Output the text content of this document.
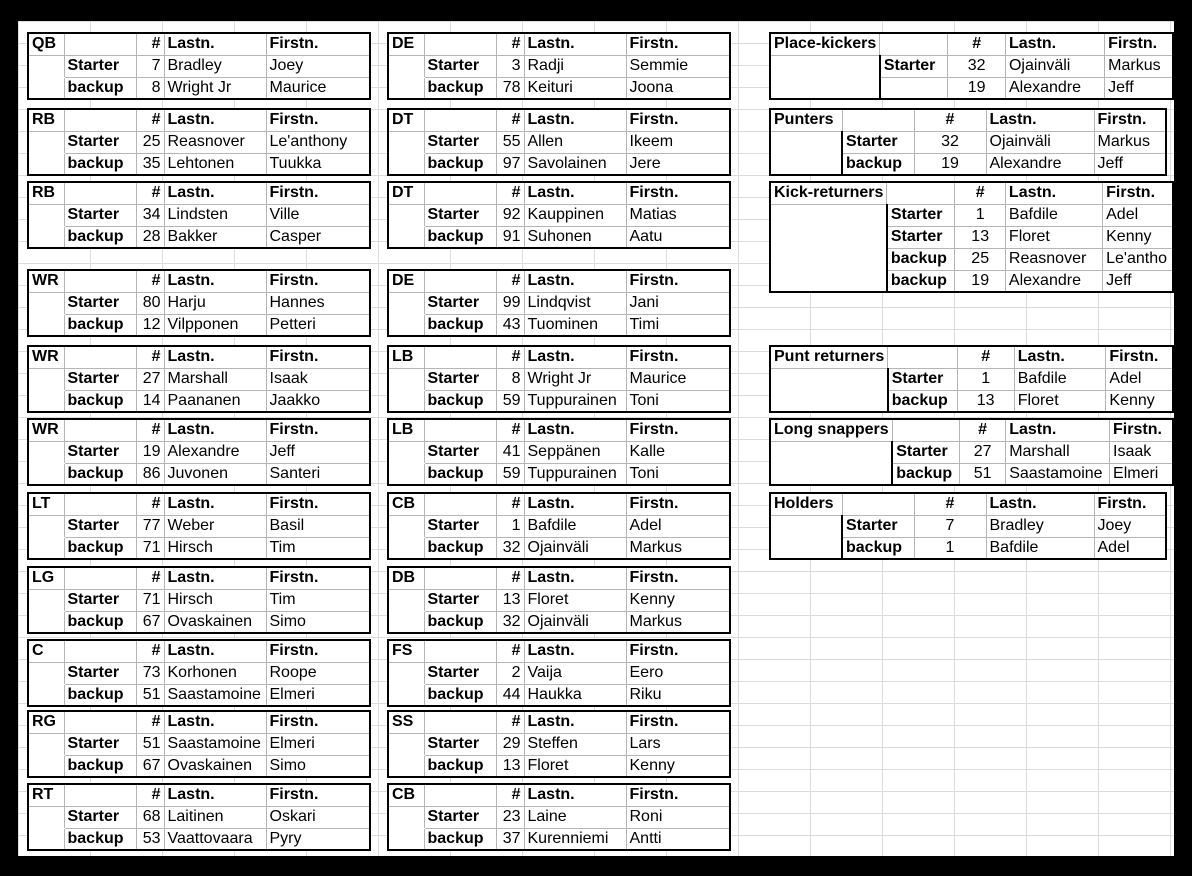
QB		#	Lastn.	Firstn.
	Starter	7	Bradley	Joey
	backup	8	Wright Jr	Maurice
RB		#	Lastn.	Firstn.
	Starter	25	Reasnover	Le'anthony
	backup	35	Lehtonen	Tuukka
RB		#	Lastn.	Firstn.
	Starter	34	Lindsten	Ville
	backup	28	Bakker	Casper
WR		#	Lastn.	Firstn.
	Starter	80	Harju	Hannes
	backup	12	Vilpponen	Petteri
WR		#	Lastn.	Firstn.
	Starter	27	Marshall	Isaak
	backup	14	Paananen	Jaakko
WR		#	Lastn.	Firstn.
	Starter	19	Alexandre	Jeff
	backup	86	Juvonen	Santeri
LT		#	Lastn.	Firstn.
	Starter	77	Weber	Basil
	backup	71	Hirsch	Tim
LG		#	Lastn.	Firstn.
	Starter	71	Hirsch	Tim
	backup	67	Ovaskainen	Simo
C		#	Lastn.	Firstn.
	Starter	73	Korhonen	Roope
	backup	51	Saastamoine	Elmeri
RG		#	Lastn.	Firstn.
	Starter	51	Saastamoine	Elmeri
	backup	67	Ovaskainen	Simo
RT		#	Lastn.	Firstn.
	Starter	68	Laitinen	Oskari
	backup	53	Vaattovaara	Pyry
DE		#	Lastn.	Firstn.
	Starter	3	Radji	Semmie
	backup	78	Keituri	Joona
DT		#	Lastn.	Firstn.
	Starter	55	Allen	Ikeem
	backup	97	Savolainen	Jere
DT		#	Lastn.	Firstn.
	Starter	92	Kauppinen	Matias
	backup	91	Suhonen	Aatu
DE		#	Lastn.	Firstn.
	Starter	99	Lindqvist	Jani
	backup	43	Tuominen	Timi
LB		#	Lastn.	Firstn.
	Starter	8	Wright Jr	Maurice
	backup	59	Tuppurainen	Toni
LB		#	Lastn.	Firstn.
	Starter	41	Seppänen	Kalle
	backup	59	Tuppurainen	Toni
CB		#	Lastn.	Firstn.
	Starter	1	Bafdile	Adel
	backup	32	Ojainväli	Markus
DB		#	Lastn.	Firstn.
	Starter	13	Floret	Kenny
	backup	32	Ojainväli	Markus
FS		#	Lastn.	Firstn.
	Starter	2	Vaija	Eero
	backup	44	Haukka	Riku
SS		#	Lastn.	Firstn.
	Starter	29	Steffen	Lars
	backup	13	Floret	Kenny
CB		#	Lastn.	Firstn.
	Starter	23	Laine	Roni
	backup	37	Kurenniemi	Antti
Place-kickers		#	Lastn.	Firstn.
	Starter	32	Ojainväli	Markus
		19	Alexandre	Jeff
Punters		#	Lastn.	Firstn.
	Starter	32	Ojainväli	Markus
	backup	19	Alexandre	Jeff
Kick-returners		#	Lastn.	Firstn.
	Starter	1	Bafdile	Adel
	Starter	13	Floret	Kenny
	backup	25	Reasnover	Le'antho
	backup	19	Alexandre	Jeff
Punt returners		#	Lastn.	Firstn.
	Starter	1	Bafdile	Adel
	backup	13	Floret	Kenny
Long snappers		#	Lastn.	Firstn.
	Starter	27	Marshall	Isaak
	backup	51	Saastamoine	Elmeri
Holders		#	Lastn.	Firstn.
	Starter	7	Bradley	Joey
	backup	1	Bafdile	Adel
